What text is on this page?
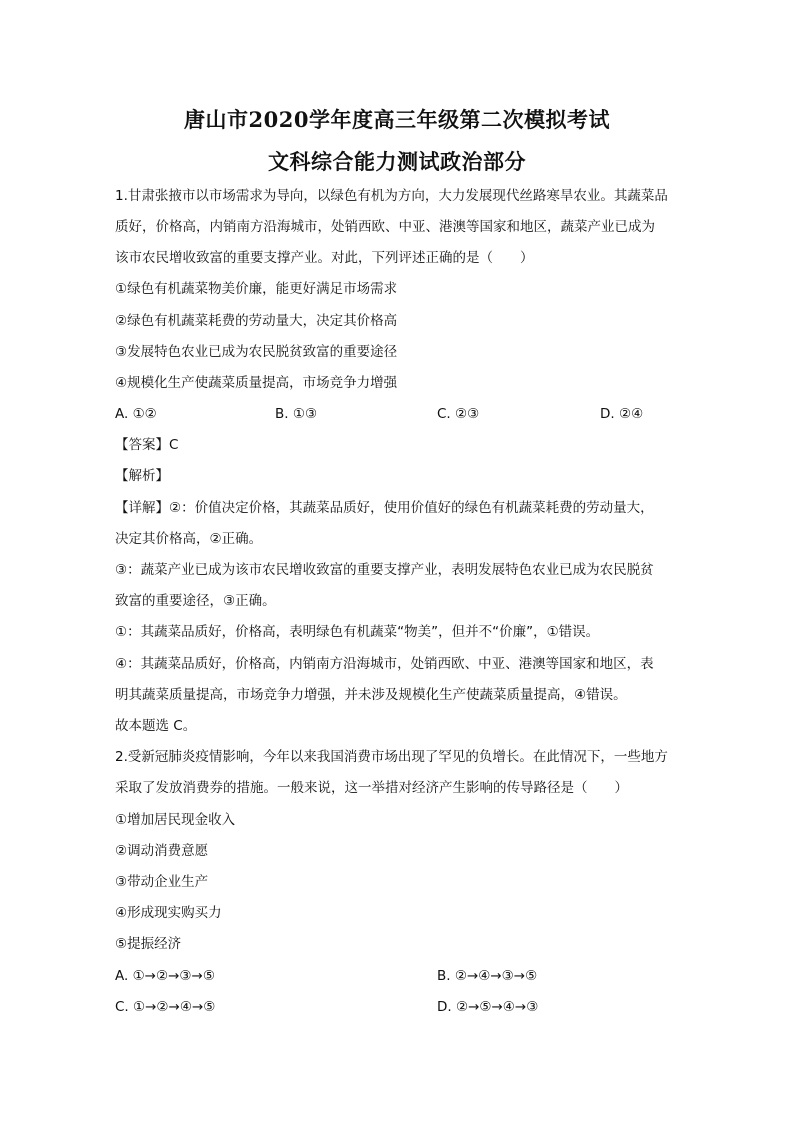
唐山市2020学年度高三年级第二次模拟考试
文科综合能力测试政治部分
1.甘肃张掖市以市场需求为导向，以绿色有机为方向，大力发展现代丝路寒旱农业。其蔬菜品
质好，价格高，内销南方沿海城市，处销西欧、中亚、港澳等国家和地区，蔬菜产业已成为
该市农民增收致富的重要支撑产业。对此，下列评述正确的是（　　）
①绿色有机蔬菜物美价廉，能更好满足市场需求
②绿色有机蔬菜耗费的劳动量大，决定其价格高
③发展特色农业已成为农民脱贫致富的重要途径
④规模化生产使蔬菜质量提高，市场竞争力增强
A. ①②	B. ①③	C. ②③	D. ②④
【答案】C
【解析】
【详解】②：价值决定价格，其蔬菜品质好，使用价值好的绿色有机蔬菜耗费的劳动量大，
决定其价格高，②正确。
③：蔬菜产业已成为该市农民增收致富的重要支撑产业，表明发展特色农业已成为农民脱贫
致富的重要途径，③正确。
①：其蔬菜品质好，价格高，表明绿色有机蔬菜“物美”，但并不“价廉”，①错误。
④：其蔬菜品质好，价格高，内销南方沿海城市，处销西欧、中亚、港澳等国家和地区，表
明其蔬菜质量提高，市场竞争力增强，并未涉及规模化生产使蔬菜质量提高，④错误。
故本题选 C。
2.受新冠肺炎疫情影响，今年以来我国消费市场出现了罕见的负增长。在此情况下，一些地方
采取了发放消费券的措施。一般来说，这一举措对经济产生影响的传导路径是（　　）
①增加居民现金收入
②调动消费意愿
③带动企业生产
④形成现实购买力
⑤提振经济
A. ①→②→③→⑤	B. ②→④→③→⑤
C. ①→②→④→⑤	D. ②→⑤→④→③
